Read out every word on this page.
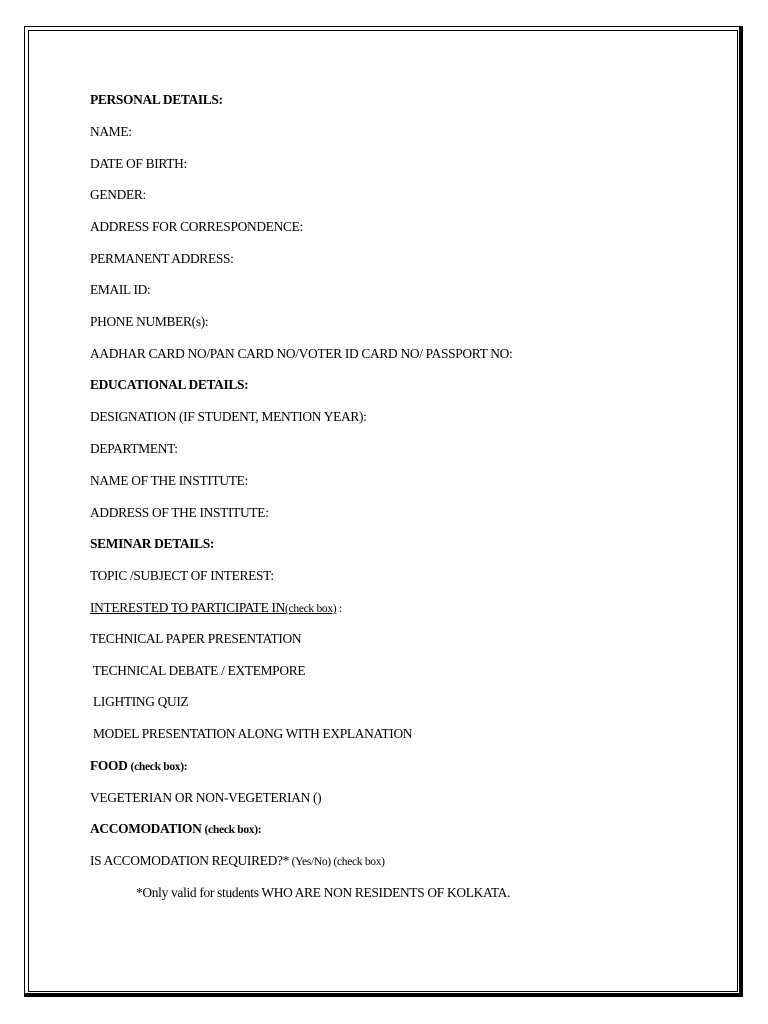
PERSONAL DETAILS:
NAME:
DATE OF BIRTH:
GENDER:
ADDRESS FOR CORRESPONDENCE:
PERMANENT ADDRESS:
EMAIL ID:
PHONE NUMBER(s):
AADHAR CARD NO/PAN CARD NO/VOTER ID CARD NO/ PASSPORT NO:
EDUCATIONAL DETAILS:
DESIGNATION (IF STUDENT, MENTION YEAR):
DEPARTMENT:
NAME OF THE INSTITUTE:
ADDRESS OF THE INSTITUTE:
SEMINAR DETAILS:
TOPIC /SUBJECT OF INTEREST:
INTERESTED TO PARTICIPATE IN(check box) :
TECHNICAL PAPER PRESENTATION
TECHNICAL DEBATE / EXTEMPORE
LIGHTING QUIZ
MODEL PRESENTATION ALONG WITH EXPLANATION
FOOD (check box):
VEGETERIAN OR NON-VEGETERIAN ()
ACCOMODATION (check box):
IS ACCOMODATION REQUIRED?* (Yes/No) (check box)
*Only valid for students WHO ARE NON RESIDENTS OF KOLKATA.
